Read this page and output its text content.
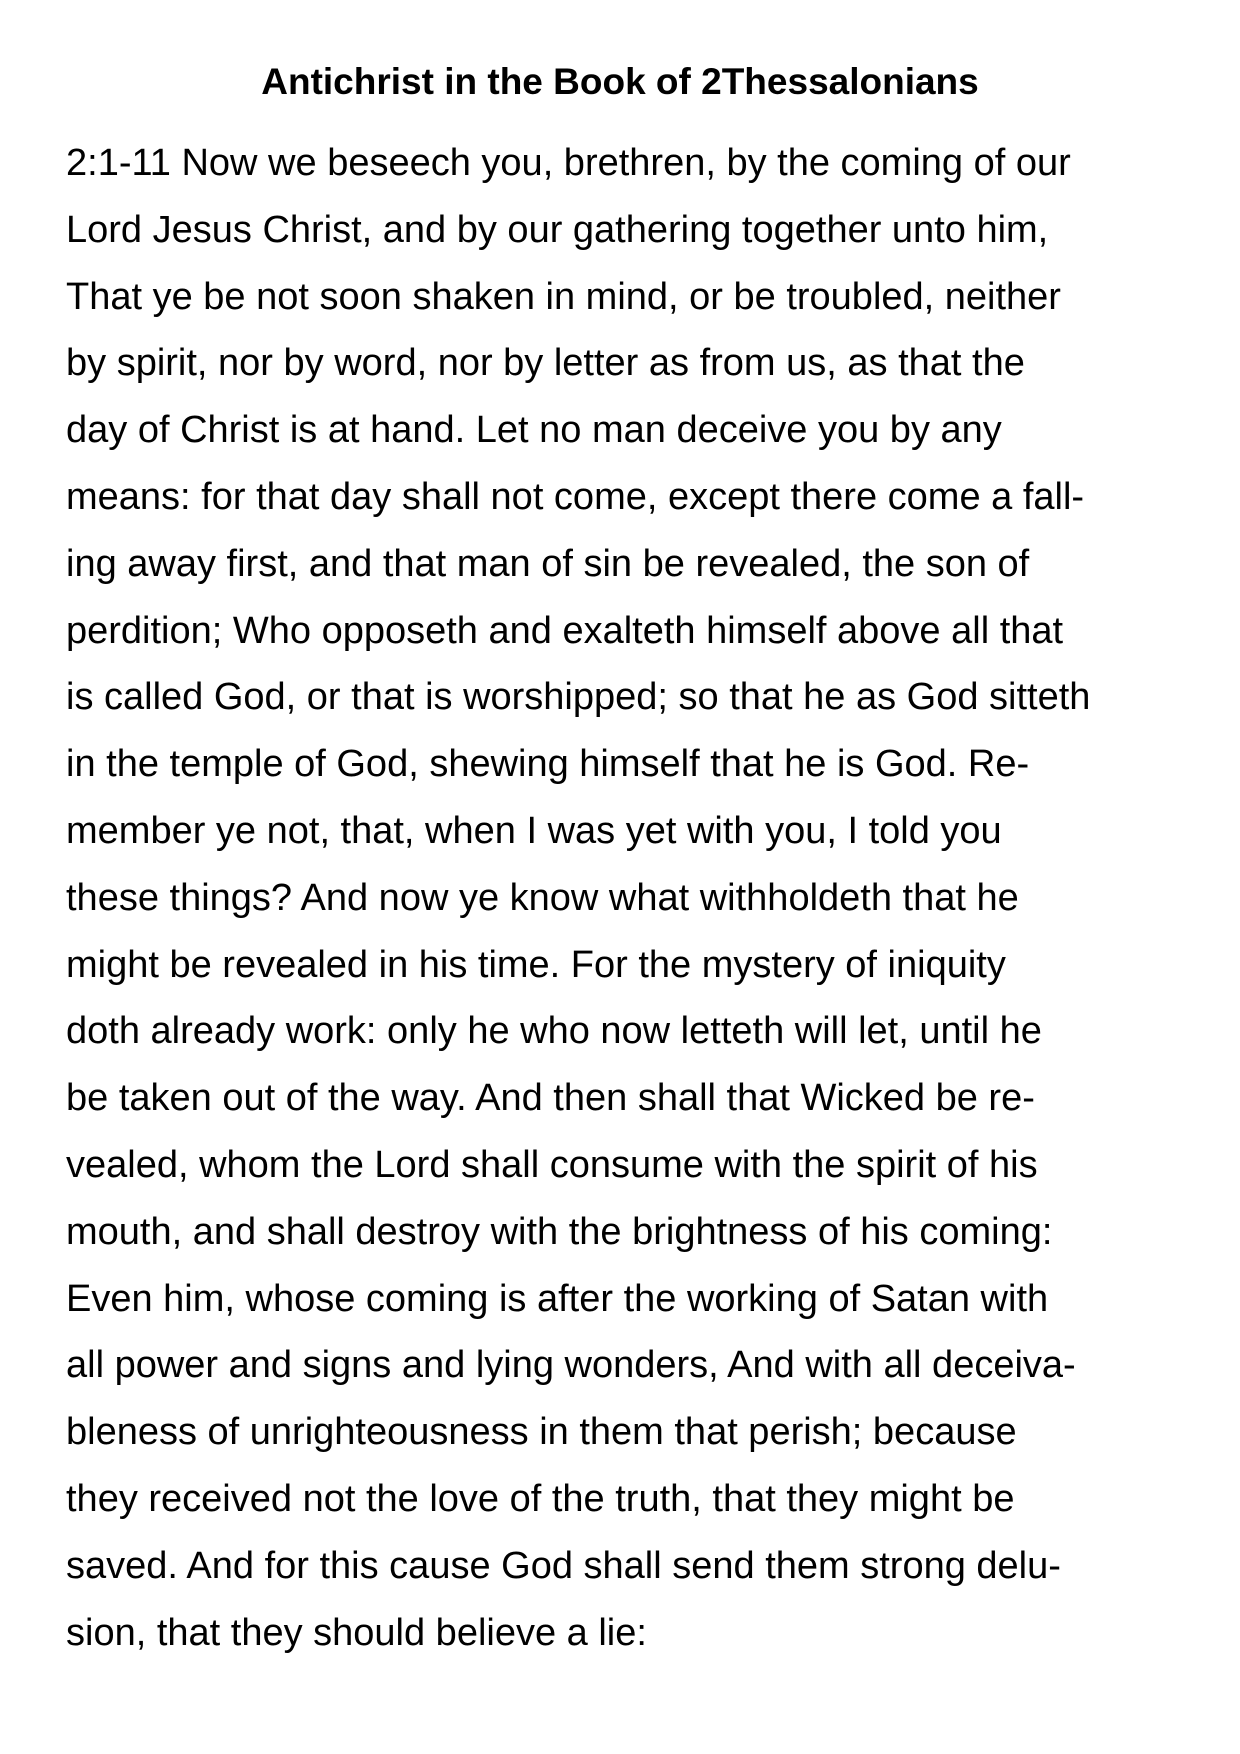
Antichrist in the Book of 2Thessalonians
2:1-11 Now we beseech you, brethren, by the coming of our
Lord Jesus Christ, and by our gathering together unto him,
That ye be not soon shaken in mind, or be troubled, neither
by spirit, nor by word, nor by letter as from us, as that the
day of Christ is at hand. Let no man deceive you by any
means: for that day shall not come, except there come a fall-
ing away first, and that man of sin be revealed, the son of
perdition; Who opposeth and exalteth himself above all that
is called God, or that is worshipped; so that he as God sitteth
in the temple of God, shewing himself that he is God. Re-
member ye not, that, when I was yet with you, I told you
these things? And now ye know what withholdeth that he
might be revealed in his time. For the mystery of iniquity
doth already work: only he who now letteth will let, until he
be taken out of the way. And then shall that Wicked be re-
vealed, whom the Lord shall consume with the spirit of his
mouth, and shall destroy with the brightness of his coming:
Even him, whose coming is after the working of Satan with
all power and signs and lying wonders, And with all deceiva-
bleness of unrighteousness in them that perish; because
they received not the love of the truth, that they might be
saved. And for this cause God shall send them strong delu-
sion, that they should believe a lie:
